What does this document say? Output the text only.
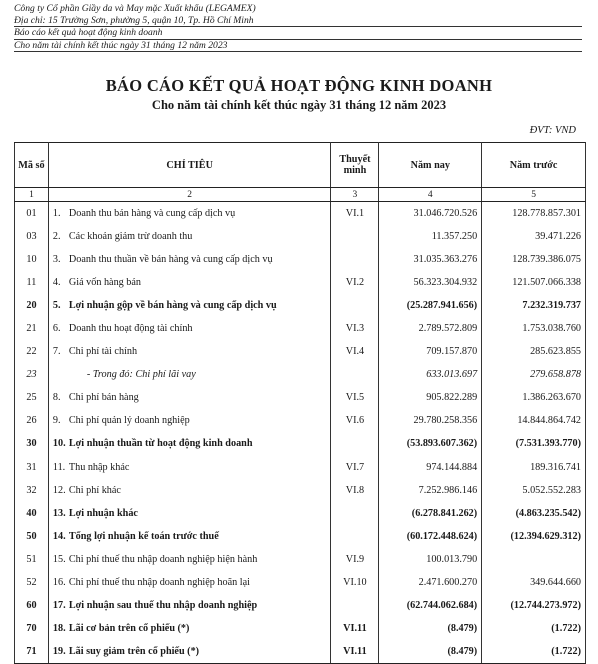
Công ty Cổ phần Giầy da và May mặc Xuất khẩu (LEGAMEX)
Địa chỉ: 15 Trường Sơn, phường 5, quận 10, Tp. Hồ Chí Minh
Báo cáo kết quả hoạt động kinh doanh
Cho năm tài chính kết thúc ngày 31 tháng 12 năm 2023
BÁO CÁO KẾT QUẢ HOẠT ĐỘNG KINH DOANH
Cho năm tài chính kết thúc ngày 31 tháng 12 năm 2023
ĐVT: VND
Mã số	CHỈ TIÊU	Thuyết minh	Năm nay	Năm trước
1	2	3	4	5
01	1. Doanh thu bán hàng và cung cấp dịch vụ	VI.1	31.046.720.526	128.778.857.301
03	2. Các khoản giảm trừ doanh thu		11.357.250	39.471.226
10	3. Doanh thu thuần về bán hàng và cung cấp dịch vụ		31.035.363.276	128.739.386.075
11	4. Giá vốn hàng bán	VI.2	56.323.304.932	121.507.066.338
20	5. Lợi nhuận gộp về bán hàng và cung cấp dịch vụ		(25.287.941.656)	7.232.319.737
21	6. Doanh thu hoạt động tài chính	VI.3	2.789.572.809	1.753.038.760
22	7. Chi phí tài chính	VI.4	709.157.870	285.623.855
23	- Trong đó: Chi phí lãi vay		633.013.697	279.658.878
25	8. Chi phí bán hàng	VI.5	905.822.289	1.386.263.670
26	9. Chi phí quản lý doanh nghiệp	VI.6	29.780.258.356	14.844.864.742
30	10. Lợi nhuận thuần từ hoạt động kinh doanh		(53.893.607.362)	(7.531.393.770)
31	11. Thu nhập khác	VI.7	974.144.884	189.316.741
32	12. Chi phí khác	VI.8	7.252.986.146	5.052.552.283
40	13. Lợi nhuận khác		(6.278.841.262)	(4.863.235.542)
50	14. Tổng lợi nhuận kế toán trước thuế		(60.172.448.624)	(12.394.629.312)
51	15. Chi phí thuế thu nhập doanh nghiệp hiện hành	VI.9	100.013.790	
52	16. Chi phí thuế thu nhập doanh nghiệp hoãn lại	VI.10	2.471.600.270	349.644.660
60	17. Lợi nhuận sau thuế thu nhập doanh nghiệp		(62.744.062.684)	(12.744.273.972)
70	18. Lãi cơ bản trên cổ phiếu (*)	VI.11	(8.479)	(1.722)
71	19. Lãi suy giảm trên cổ phiếu (*)	VI.11	(8.479)	(1.722)
